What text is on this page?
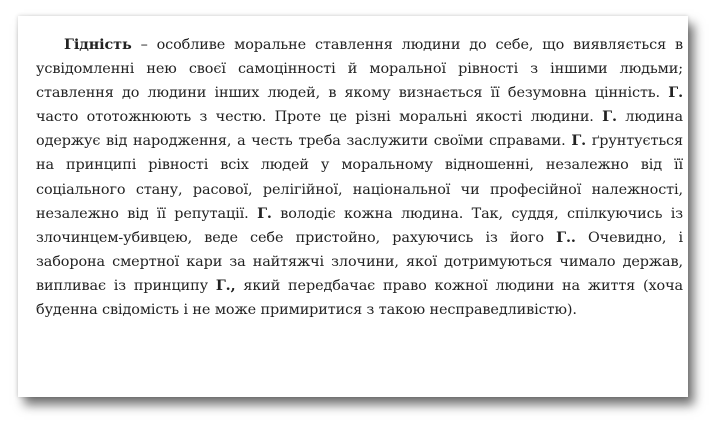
Гідність – особливе моральне ставлення людини до себе, що виявляється в усвідомленні нею своєї самоцінності й моральної рівності з іншими людьми; ставлення до людини інших людей, в якому визнається її безумовна цінність. Г. часто ототожнюють з честю. Проте це різні моральні якості людини. Г. людина одержує від народження, а честь треба заслужити своїми справами. Г. ґрунтується на принципі рівності всіх людей у моральному відношенні, незалежно від її соціального стану, расової, релігійної, національної чи професійної належності, незалежно від її репутації. Г. володіє кожна людина. Так, суддя, спілкуючись із злочинцем-убивцею, веде себе пристойно, рахуючись із його Г.. Очевидно, і заборона смертної кари за найтяжчі злочини, якої дотримуються чимало держав, випливає із принципу Г., який передбачає право кожної людини на життя (хоча буденна свідомість і не може примиритися з такою несправедливістю).
